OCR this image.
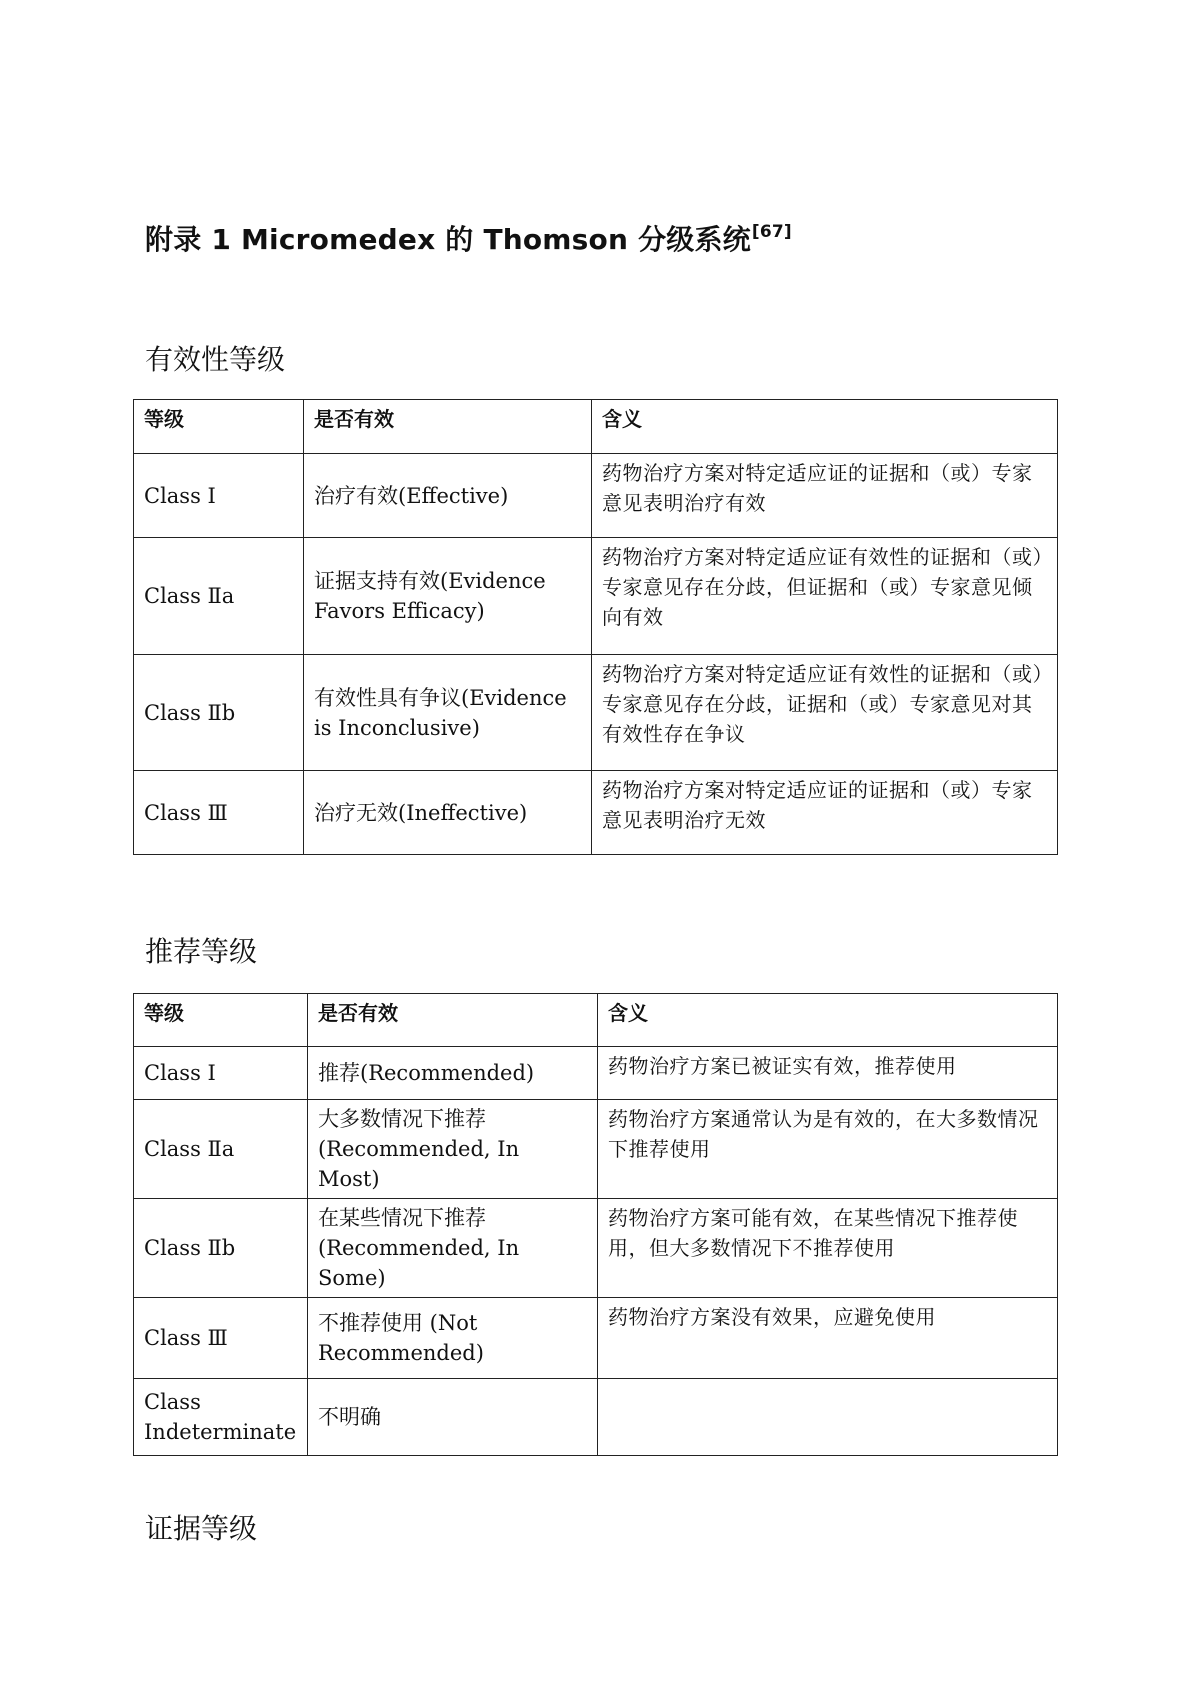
附录 1 Micromedex 的 Thomson 分级系统[67]
有效性等级
等级	是否有效	含义
Class Ⅰ	治疗有效(Effective)	药物治疗方案对特定适应证的证据和（或）专家意见表明治疗有效
Class Ⅱa	证据支持有效(Evidence Favors Efficacy)	药物治疗方案对特定适应证有效性的证据和（或）专家意见存在分歧，但证据和（或）专家意见倾向有效
Class Ⅱb	有效性具有争议(Evidence is Inconclusive)	药物治疗方案对特定适应证有效性的证据和（或）专家意见存在分歧，证据和（或）专家意见对其有效性存在争议
Class Ⅲ	治疗无效(Ineffective)	药物治疗方案对特定适应证的证据和（或）专家意见表明治疗无效
推荐等级
等级	是否有效	含义
Class Ⅰ	推荐(Recommended)	药物治疗方案已被证实有效，推荐使用
Class Ⅱa	大多数情况下推荐(Recommended, In Most)	药物治疗方案通常认为是有效的，在大多数情况下推荐使用
Class Ⅱb	在某些情况下推荐(Recommended, In Some)	药物治疗方案可能有效，在某些情况下推荐使用，但大多数情况下不推荐使用
Class Ⅲ	不推荐使用 (Not Recommended)	药物治疗方案没有效果，应避免使用
Class Indeterminate	不明确	
证据等级
